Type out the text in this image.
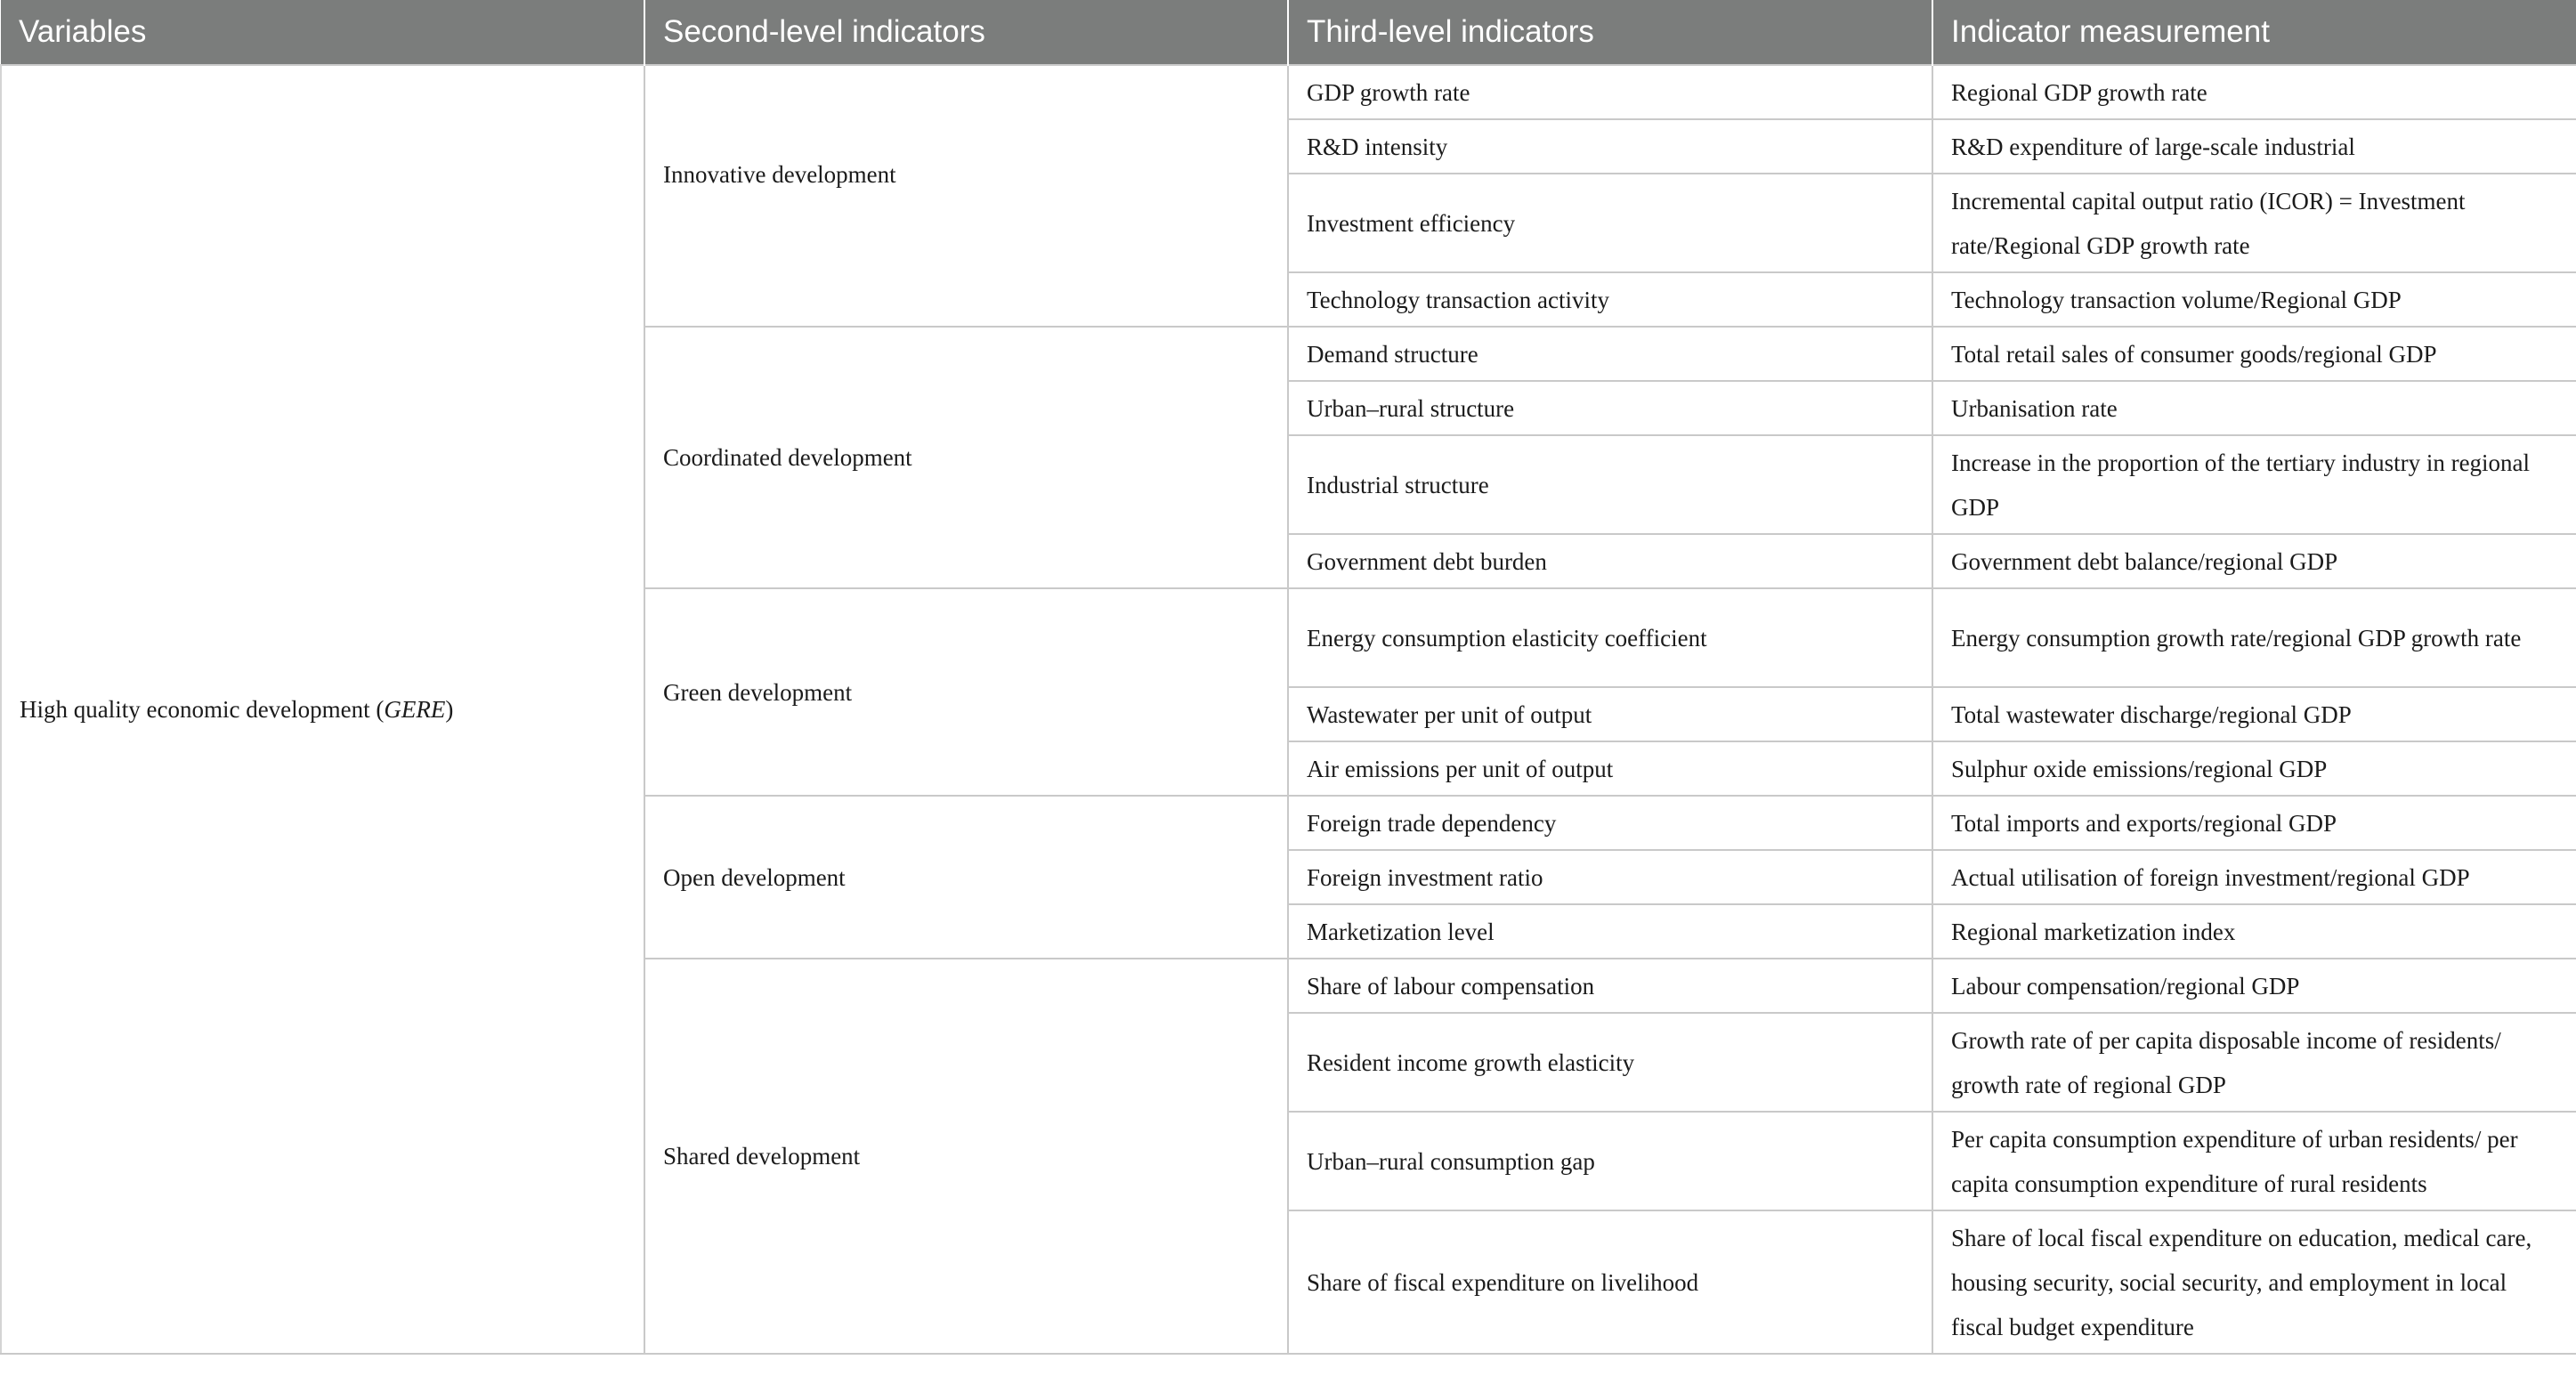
Variables	Second-level indicators	Third-level indicators	Indicator measurement
High quality economic development (GERE)	Innovative development	GDP growth rate	Regional GDP growth rate
		R&D intensity	R&D expenditure of large-scale industrial
		Investment efficiency	Incremental capital output ratio (ICOR) = Investment rate/Regional GDP growth rate
		Technology transaction activity	Technology transaction volume/Regional GDP
	Coordinated development	Demand structure	Total retail sales of consumer goods/regional GDP
		Urban–rural structure	Urbanisation rate
		Industrial structure	Increase in the proportion of the tertiary industry in regional GDP
		Government debt burden	Government debt balance/regional GDP
	Green development	Energy consumption elasticity coefficient	Energy consumption growth rate/regional GDP growth rate
		Wastewater per unit of output	Total wastewater discharge/regional GDP
		Air emissions per unit of output	Sulphur oxide emissions/regional GDP
	Open development	Foreign trade dependency	Total imports and exports/regional GDP
		Foreign investment ratio	Actual utilisation of foreign investment/regional GDP
		Marketization level	Regional marketization index
	Shared development	Share of labour compensation	Labour compensation/regional GDP
		Resident income growth elasticity	Growth rate of per capita disposable income of residents/ growth rate of regional GDP
		Urban–rural consumption gap	Per capita consumption expenditure of urban residents/ per capita consumption expenditure of rural residents
		Share of fiscal expenditure on livelihood	Share of local fiscal expenditure on education, medical care, housing security, social security, and employment in local fiscal budget expenditure
